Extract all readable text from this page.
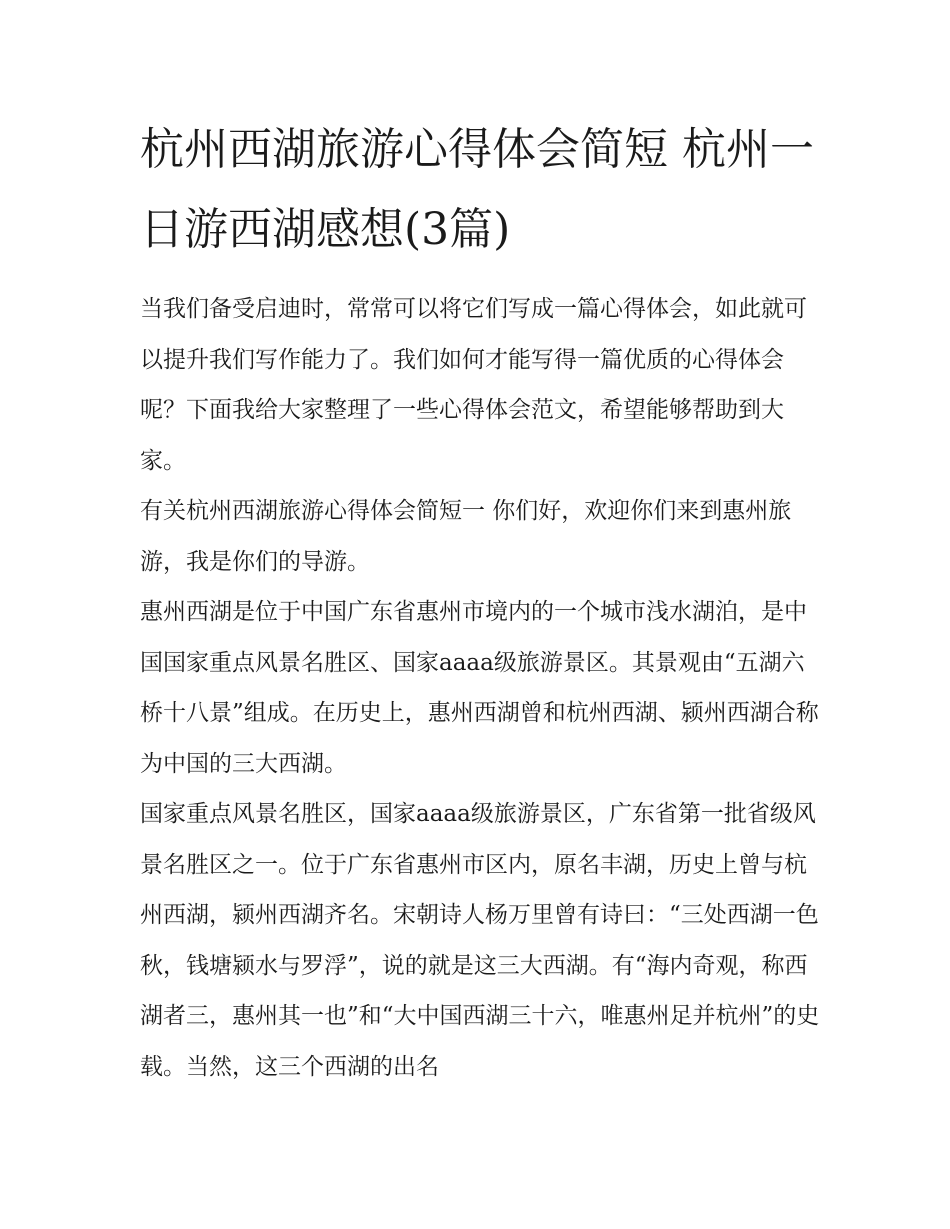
杭州西湖旅游心得体会简短 杭州一日游西湖感想(3篇)

当我们备受启迪时，常常可以将它们写成一篇心得体会，如此就可以提升我们写作能力了。我们如何才能写得一篇优质的心得体会呢？下面我给大家整理了一些心得体会范文，希望能够帮助到大家。

有关杭州西湖旅游心得体会简短一 你们好，欢迎你们来到惠州旅游，我是你们的导游。

惠州西湖是位于中国广东省惠州市境内的一个城市浅水湖泊，是中国国家重点风景名胜区、国家aaaa级旅游景区。其景观由“五湖六桥十八景”组成。在历史上，惠州西湖曾和杭州西湖、颍州西湖合称为中国的三大西湖。

国家重点风景名胜区，国家aaaa级旅游景区，广东省第一批省级风景名胜区之一。位于广东省惠州市区内，原名丰湖，历史上曾与杭州西湖，颍州西湖齐名。宋朝诗人杨万里曾有诗曰：“三处西湖一色秋，钱塘颍水与罗浮”，说的就是这三大西湖。有“海内奇观，称西湖者三，惠州其一也”和“大中国西湖三十六，唯惠州足并杭州”的史载。当然，这三个西湖的出名
